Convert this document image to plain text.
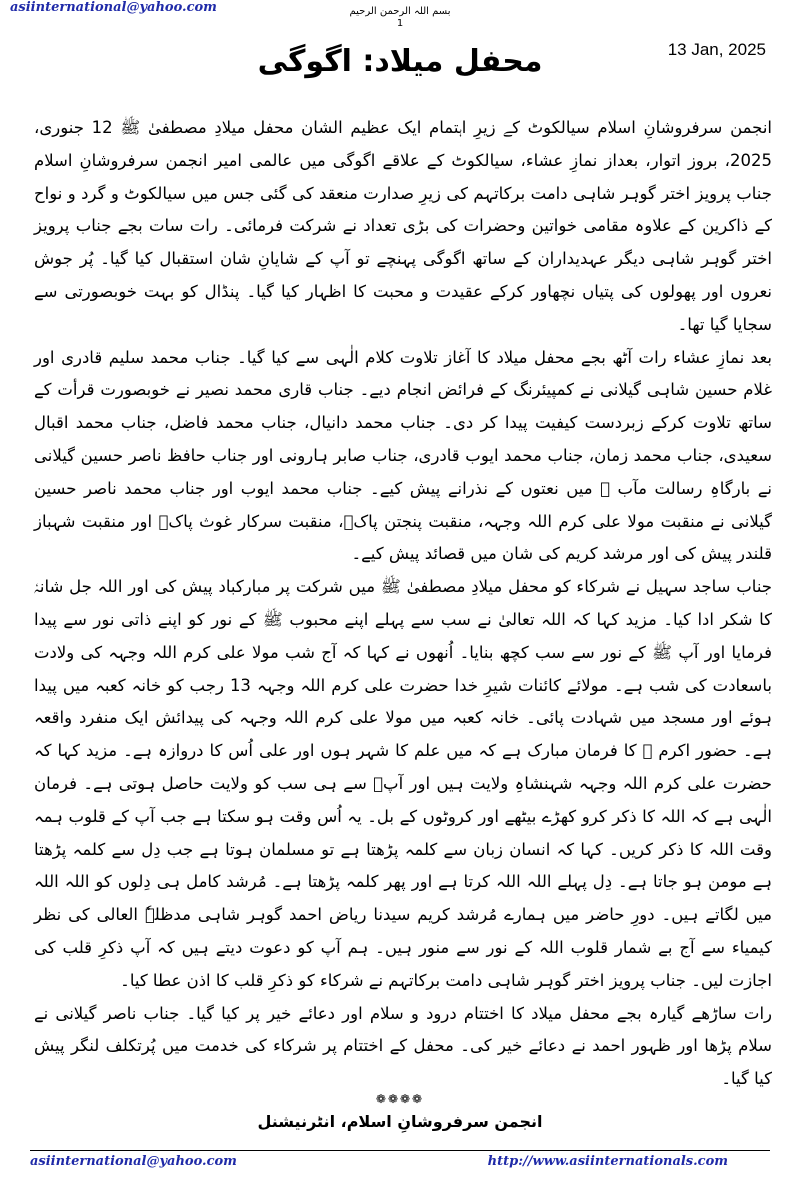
asiinternational@yahoo.com	بسم اللہ الرحمن الرحیم
1
13 Jan, 2025
محفل میلاد: اگوگی

انجمن سرفروشانِ اسلام سیالکوٹ کے زیرِ اہتمام ایک عظیم الشان محفل میلادِ مصطفیٰ ﷺ 12 جنوری، 2025، بروز اتوار، بعداز نمازِ عشاء، سیالکوٹ کے علاقے اگوگی میں عالمی امیر انجمن سرفروشانِ اسلام جناب پرویز اختر گوہر شاہی دامت برکاتہم کی زیرِ صدارت منعقد کی گئی جس میں سیالکوٹ و گرد و نواح کے ذاکرین کے علاوہ مقامی خواتین وحضرات کی بڑی تعداد نے شرکت فرمائی۔ رات سات بجے جناب پرویز اختر گوہر شاہی دیگر عہدیداران کے ساتھ اگوگی پہنچے تو آپ کے شایانِ شان استقبال کیا گیا۔ پُر جوش نعروں اور پھولوں کی پتیاں نچھاور کرکے عقیدت و محبت کا اظہار کیا گیا۔ پنڈال کو بہت خوبصورتی سے سجایا گیا تھا۔

بعد نمازِ عشاء رات آٹھ بجے محفل میلاد کا آغاز تلاوت کلام الٰہی سے کیا گیا۔ جناب محمد سلیم قادری اور غلام حسین شاہی گیلانی نے کمپیئرنگ کے فرائض انجام دیے۔ جناب قاری محمد نصیر نے خوبصورت قرأت کے ساتھ تلاوت کرکے زبردست کیفیت پیدا کر دی۔ جناب محمد دانیال، جناب محمد فاضل، جناب محمد اقبال سعیدی، جناب محمد زمان، جناب محمد ایوب قادری، جناب صابر ہارونی اور جناب حافظ ناصر حسین گیلانی نے بارگاہِ رسالت مآب ﷺ میں نعتوں کے نذرانے پیش کیے۔ جناب محمد ایوب اور جناب محمد ناصر حسین گیلانی نے منقبت مولا علی کرم اللہ وجہہ، منقبت پنجتن پاکؑ، منقبت سرکار غوث پاکؒ اور منقبت شہباز قلندر پیش کی اور مرشد کریم کی شان میں قصائد پیش کیے۔

جناب ساجد سہیل نے شرکاء کو محفل میلادِ مصطفیٰ ﷺ میں شرکت پر مبارکباد پیش کی اور اللہ جل شانہٗ کا شکر ادا کیا۔ مزید کہا کہ اللہ تعالیٰ نے سب سے پہلے اپنے محبوب ﷺ کے نور کو اپنے ذاتی نور سے پیدا فرمایا اور آپ ﷺ کے نور سے سب کچھ بنایا۔ اُنھوں نے کہا کہ آج شب مولا علی کرم اللہ وجہہ کی ولادت باسعادت کی شب ہے۔ مولائے کائنات شیرِ خدا حضرت علی کرم اللہ وجہہ 13 رجب کو خانہ کعبہ میں پیدا ہوئے اور مسجد میں شہادت پائی۔ خانہ کعبہ میں مولا علی کرم اللہ وجہہ کی پیدائش ایک منفرد واقعہ ہے۔ حضور اکرم ﷺ کا فرمان مبارک ہے کہ میں علم کا شہر ہوں اور علی اُس کا دروازہ ہے۔ مزید کہا کہ حضرت علی کرم اللہ وجہہ شہنشاہِ ولایت ہیں اور آپؑ سے ہی سب کو ولایت حاصل ہوتی ہے۔ فرمان الٰہی ہے کہ اللہ کا ذکر کرو کھڑے بیٹھے اور کروٹوں کے بل۔ یہ اُس وقت ہو سکتا ہے جب آپ کے قلوب ہمہ وقت اللہ کا ذکر کریں۔ کہا کہ انسان زبان سے کلمہ پڑھتا ہے تو مسلمان ہوتا ہے جب دِل سے کلمہ پڑھتا ہے مومن ہو جاتا ہے۔ دِل پہلے اللہ اللہ کرتا ہے اور پھر کلمہ پڑھتا ہے۔ مُرشد کامل ہی دِلوں کو اللہ اللہ میں لگاتے ہیں۔ دورِ حاضر میں ہمارے مُرشد کریم سیدنا ریاض احمد گوہر شاہی مدظلہٗ العالی کی نظر کیمیاء سے آج بے شمار قلوب اللہ کے نور سے منور ہیں۔ ہم آپ کو دعوت دیتے ہیں کہ آپ ذکرِ قلب کی اجازت لیں۔ جناب پرویز اختر گوہر شاہی دامت برکاتہم نے شرکاء کو ذکرِ قلب کا اذن عطا کیا۔

رات ساڑھے گیارہ بجے محفل میلاد کا اختتام درود و سلام اور دعائے خیر پر کیا گیا۔ جناب ناصر گیلانی نے سلام پڑھا اور ظہور احمد نے دعائے خیر کی۔ محفل کے اختتام پر شرکاء کی خدمت میں پُرتکلف لنگر پیش کیا گیا۔

❁❁❁❁
انجمن سرفروشانِ اسلام، انٹرنیشنل
asiinternational@yahoo.com	http://www.asiinternationals.com
